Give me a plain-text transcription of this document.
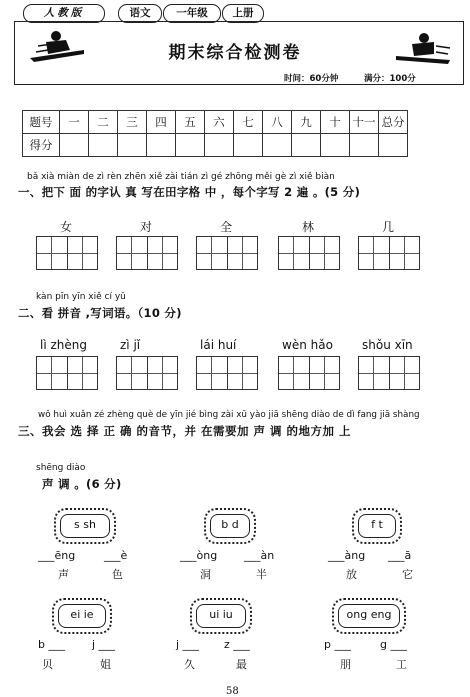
人教版	语文	一年级	上册
期末综合检测卷
时间：60分钟	满分：100分
题号	一	二	三	四	五	六	七	八	九	十	十一	总分
得分												
bǎ xià miàn de zì rèn zhēn xiě zài tián zì gé zhōng měi gè zì xiě biàn
一、把下 面 的字认 真 写在田字格 中 ，每个字写 2 遍 。(5 分)
女	对	全	林	几
kàn pīn yīn xiě cí yǔ
二、看 拼音 ,写词语。（10 分)
lì zhèng	zì jǐ	lái huí	wèn hǎo shǒu xīn
wǒ huì xuǎn zé zhèng què de yīn jié bìng zài xū yào jiā shēng diào de dì fang jiā shàng
三、我会 选 择 正 确 的音节，并 在需要加 声 调 的地方加 上
shēng diào
声 调 。(6 分)
s sh	b d	f t
ei ie	ui iu	ong eng
___ēng
声
___è
色
___òng
洞
___àn
半
___àng
放
___ā
它
b ___
贝
j ___
姐
j ___
久
z ___
最
p ___
朋
g ___
工
58
